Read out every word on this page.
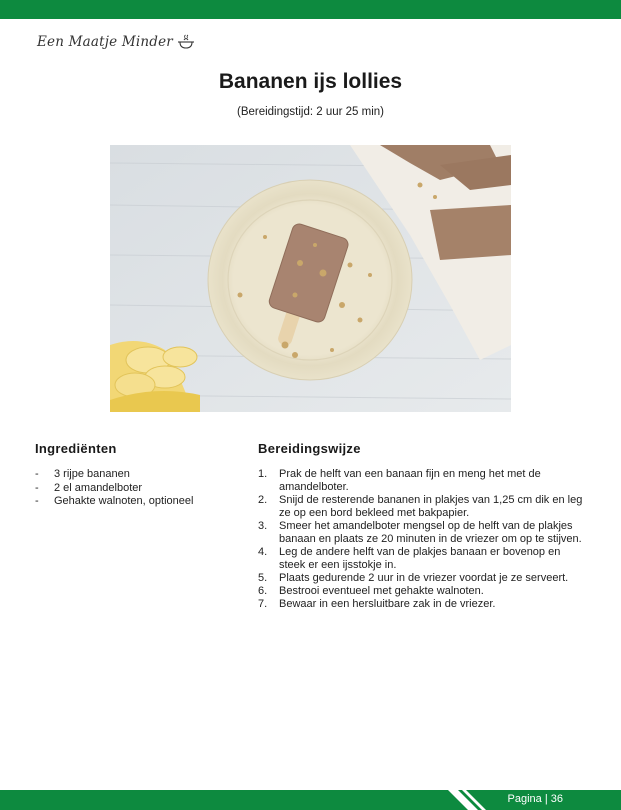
Een Maatje Minder
Bananen ijs lollies
(Bereidingstijd: 2 uur 25 min)
Ingrediënten
-	3 rijpe bananen
-	2 el amandelboter
-	Gehakte walnoten, optioneel
Bereidingswijze
1.	Prak de helft van een banaan fijn en meng het met de amandelboter.
2.	Snijd de resterende bananen in plakjes van 1,25 cm dik en leg ze op een bord bekleed met bakpapier.
3.	Smeer het amandelboter mengsel op de helft van de plakjes banaan en plaats ze 20 minuten in de vriezer om op te stijven.
4.	Leg de andere helft van de plakjes banaan er bovenop en steek er een ijsstokje in.
5.	Plaats gedurende 2 uur in de vriezer voordat je ze serveert.
6.	Bestrooi eventueel met gehakte walnoten.
7.	Bewaar in een hersluitbare zak in de vriezer.
Pagina | 36
